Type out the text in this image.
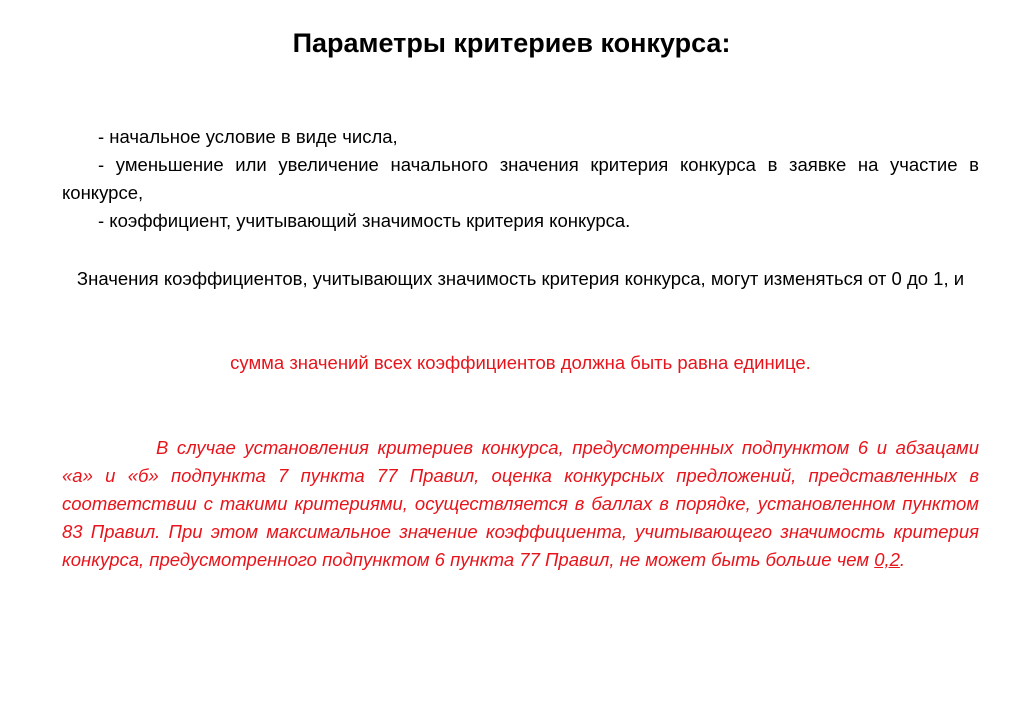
Параметры критериев конкурса:

- начальное условие в виде числа,

- уменьшение или увеличение начального значения критерия конкурса в заявке на участие в конкурсе,

- коэффициент, учитывающий значимость критерия конкурса.

Значения коэффициентов, учитывающих значимость критерия конкурса, могут изменяться от 0 до 1, и
сумма значений всех коэффициентов должна быть равна единице.

В случае установления критериев конкурса, предусмотренных подпунктом 6 и абзацами «а» и «б» подпункта 7 пункта 77 Правил, оценка конкурсных предложений, представленных в соответствии с такими критериями, осуществляется в баллах в порядке, установленном пунктом 83 Правил. При этом максимальное значение коэффициента, учитывающего значимость критерия конкурса, предусмотренного подпунктом 6 пункта 77 Правил, не может быть больше чем 0,2.
